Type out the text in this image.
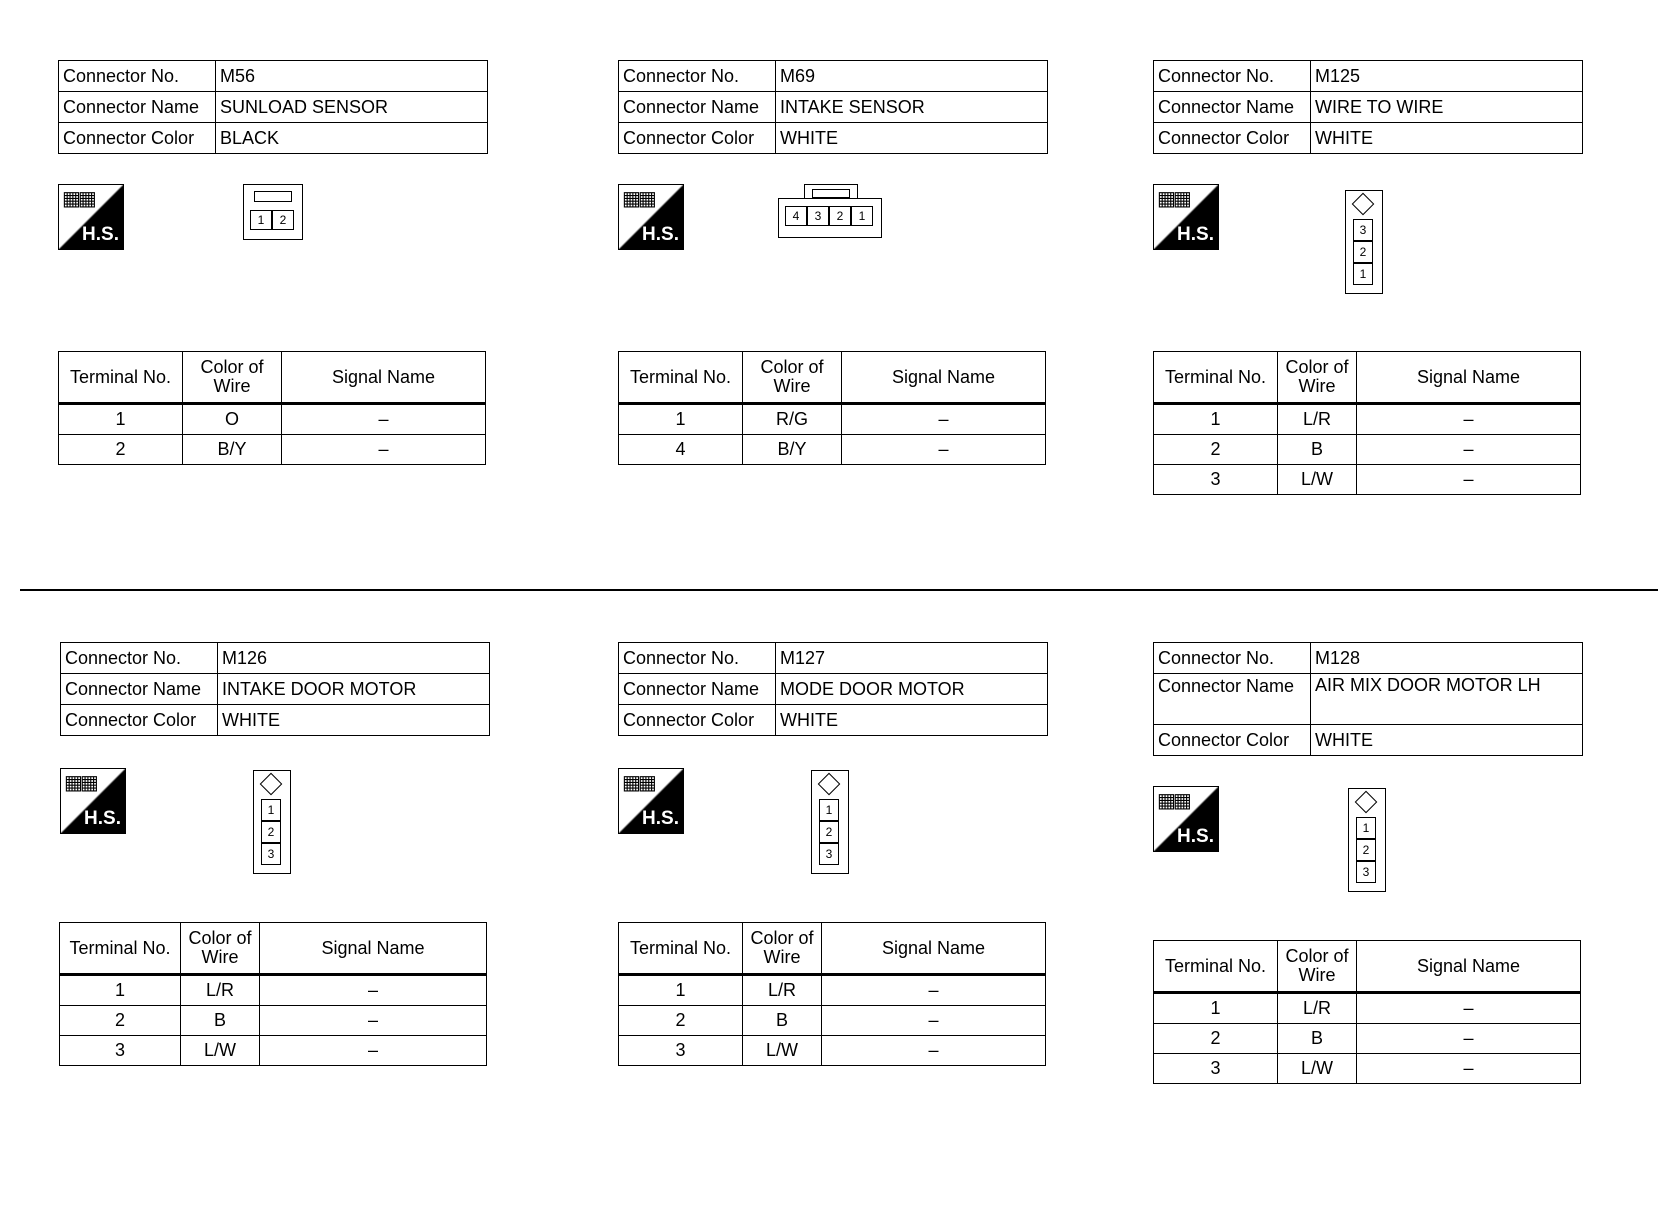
Connector No.	M56
Connector Name	SUNLOAD SENSOR
Connector Color	BLACK
▦▦
H.S.
1	2
Terminal No.	Color of Wire	Signal Name
1	O	–
2	B/Y	–
Connector No.	M69
Connector Name	INTAKE SENSOR
Connector Color	WHITE
▦▦
H.S.
4	3	2	1
Terminal No.	Color of Wire	Signal Name
1	R/G	–
4	B/Y	–
Connector No.	M125
Connector Name	WIRE TO WIRE
Connector Color	WHITE
▦▦
H.S.	3
2
1
Terminal No.	Color of Wire	Signal Name
1	L/R	–
2	B	–
3	L/W	–
Connector No.	M126
Connector Name	INTAKE DOOR MOTOR
Connector Color	WHITE
▦▦
H.S.	1
2
3
Terminal No.	Color of Wire	Signal Name
1	L/R	–
2	B	–
3	L/W	–
Connector No.	M127
Connector Name	MODE DOOR MOTOR
Connector Color	WHITE
▦▦
H.S.	1
2
3
Terminal No.	Color of Wire	Signal Name
1	L/R	–
2	B	–
3	L/W	–
Connector No.	M128
Connector Name	AIR MIX DOOR MOTOR LH
Connector Color	WHITE
▦▦
H.S.	1
2
3
Terminal No.	Color of Wire	Signal Name
1	L/R	–
2	B	–
3	L/W	–
